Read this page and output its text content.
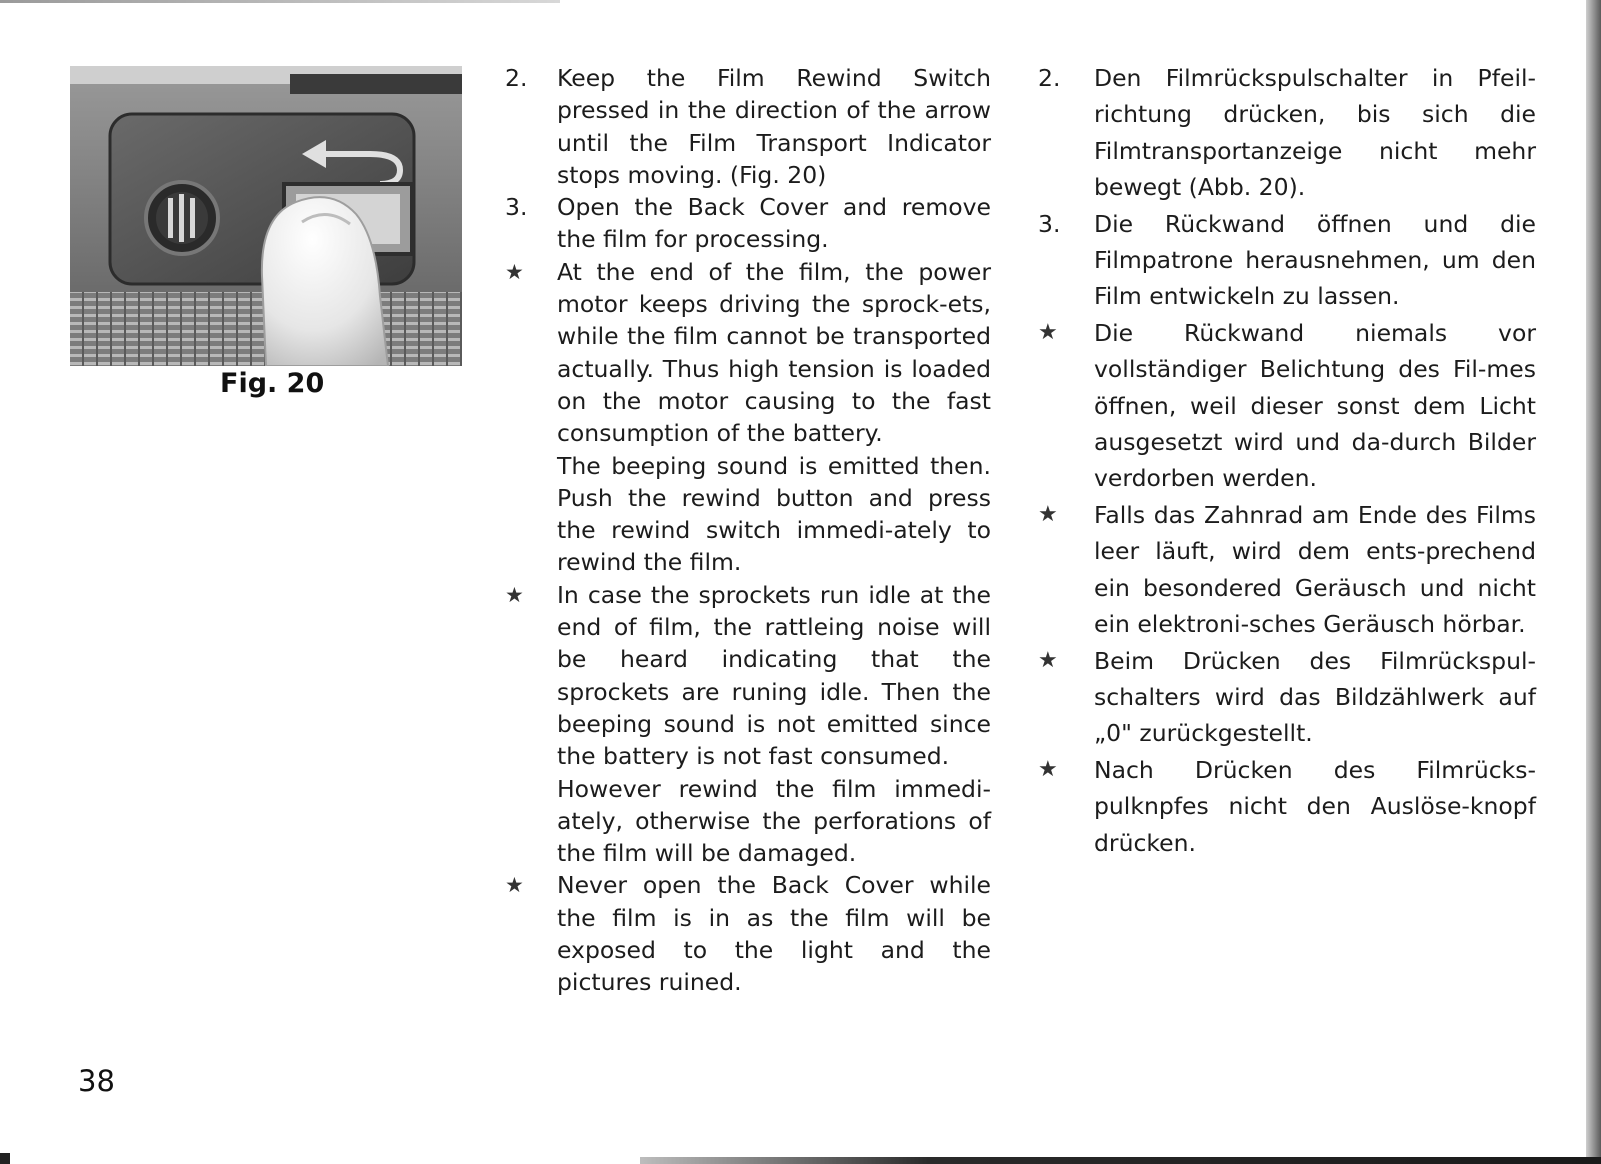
Fig. 20
2.	Keep the Film Rewind Switch pressed in the direction of the arrow until the Film Transport Indicator stops moving. (Fig. 20)
3.	Open the Back Cover and remove the film for processing.
★	At the end of the film, the power motor keeps driving the sprock-ets, while the film cannot be transported actually. Thus high tension is loaded on the motor causing to the fast consumption of the battery.
The beeping sound is emitted then. Push the rewind button and press the rewind switch immedi-ately to rewind the film.
★	In case the sprockets run idle at the end of film, the rattleing noise will be heard indicating that the sprockets are runing idle. Then the beeping sound is not emitted since the battery is not fast consumed.
However rewind the film immedi-ately, otherwise the perforations of the film will be damaged.
★	Never open the Back Cover while the film is in as the film will be exposed to the light and the pictures ruined.
2.	Den Filmrückspulschalter in Pfeil-richtung drücken, bis sich die Filmtransportanzeige nicht mehr bewegt (Abb. 20).
3.	Die Rückwand öffnen und die Filmpatrone herausnehmen, um den Film entwickeln zu lassen.
★	Die Rückwand niemals vor vollständiger Belichtung des Fil-mes öffnen, weil dieser sonst dem Licht ausgesetzt wird und da-durch Bilder verdorben werden.
★	Falls das Zahnrad am Ende des Films leer läuft, wird dem ents-prechend ein besondered Geräusch und nicht ein elektroni-sches Geräusch hörbar.
★	Beim Drücken des Filmrückspul-schalters wird das Bildzählwerk auf „0" zurückgestellt.
★	Nach Drücken des Filmrücks-pulknpfes nicht den Auslöse-knopf drücken.
38
